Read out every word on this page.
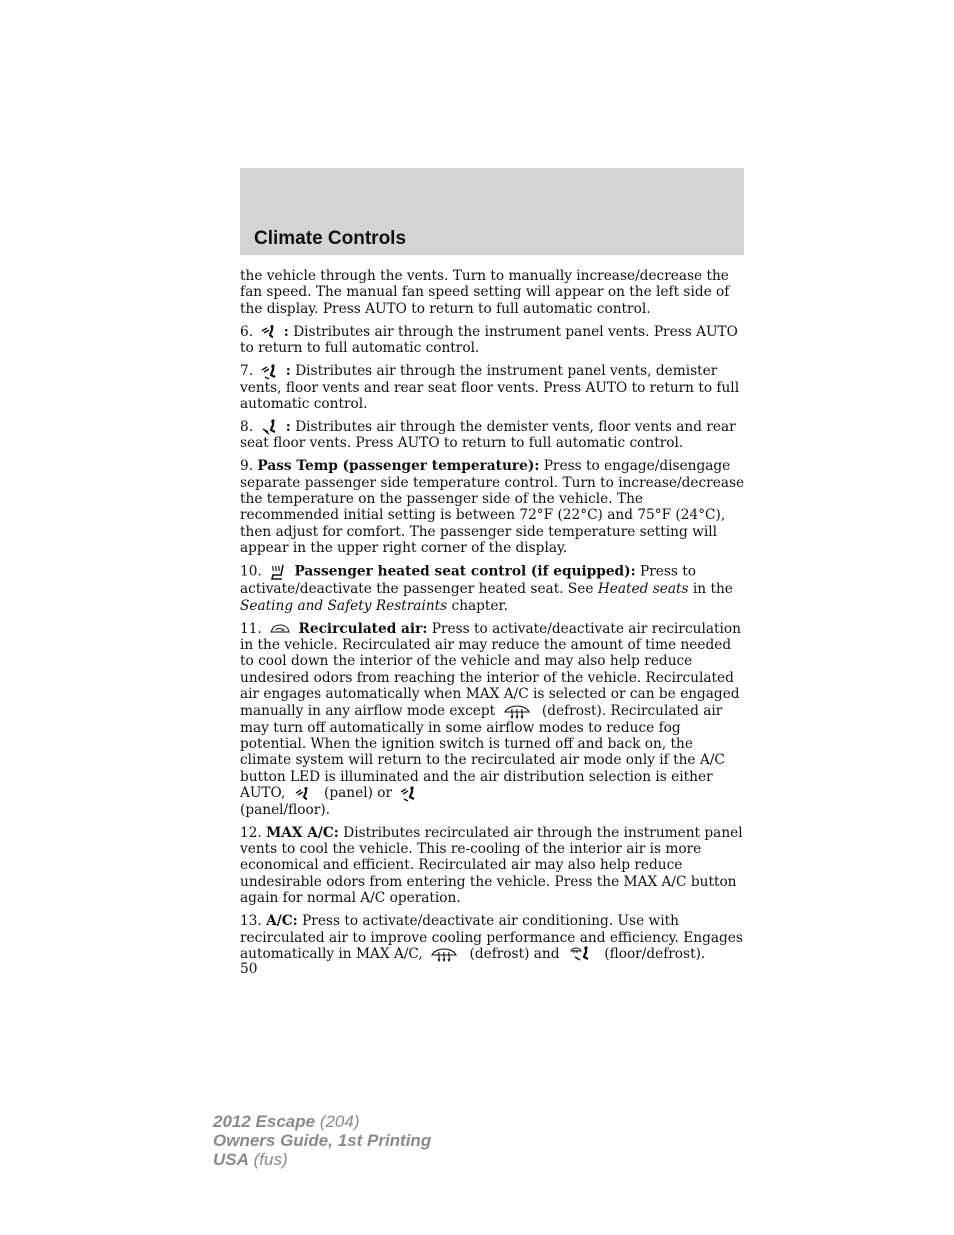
Climate Controls

the vehicle through the vents. Turn to manually increase/decrease the fan speed. The manual fan speed setting will appear on the left side of the display. Press AUTO to return to full automatic control.

6. : Distributes air through the instrument panel vents. Press AUTO to return to full automatic control.

7. : Distributes air through the instrument panel vents, demister vents, floor vents and rear seat floor vents. Press AUTO to return to full automatic control.

8. : Distributes air through the demister vents, floor vents and rear seat floor vents. Press AUTO to return to full automatic control.

9. Pass Temp (passenger temperature): Press to engage/disengage separate passenger side temperature control. Turn to increase/decrease the temperature on the passenger side of the vehicle. The recommended initial setting is between 72°F (22°C) and 75°F (24°C), then adjust for comfort. The passenger side temperature setting will appear in the upper right corner of the display.

10. Passenger heated seat control (if equipped): Press to activate/deactivate the passenger heated seat. See Heated seats in the Seating and Safety Restraints chapter.

11.	Recirculated air: Press to activate/deactivate air recirculation in the vehicle. Recirculated air may reduce the amount of time needed to cool down the interior of the vehicle and may also help reduce undesired odors from reaching the interior of the vehicle. Recirculated air engages automatically when MAX A/C is selected or can be engaged manually in any airflow mode except	(defrost). Recirculated air may turn off automatically in some airflow modes to reduce fog potential. When the ignition switch is turned off and back on, the climate system will return to the recirculated air mode only if the A/C button LED is illuminated and the air distribution selection is either AUTO,	(panel) or

(panel/floor).

12. MAX A/C: Distributes recirculated air through the instrument panel vents to cool the vehicle. This re-cooling of the interior air is more economical and efficient. Recirculated air may also help reduce undesirable odors from entering the vehicle. Press the MAX A/C button again for normal A/C operation.

13. A/C: Press to activate/deactivate air conditioning. Use with recirculated air to improve cooling performance and efficiency. Engages automatically in MAX A/C,	(defrost) and	(floor/defrost).

50
2012 Escape (204)
Owners Guide, 1st Printing
USA (fus)
